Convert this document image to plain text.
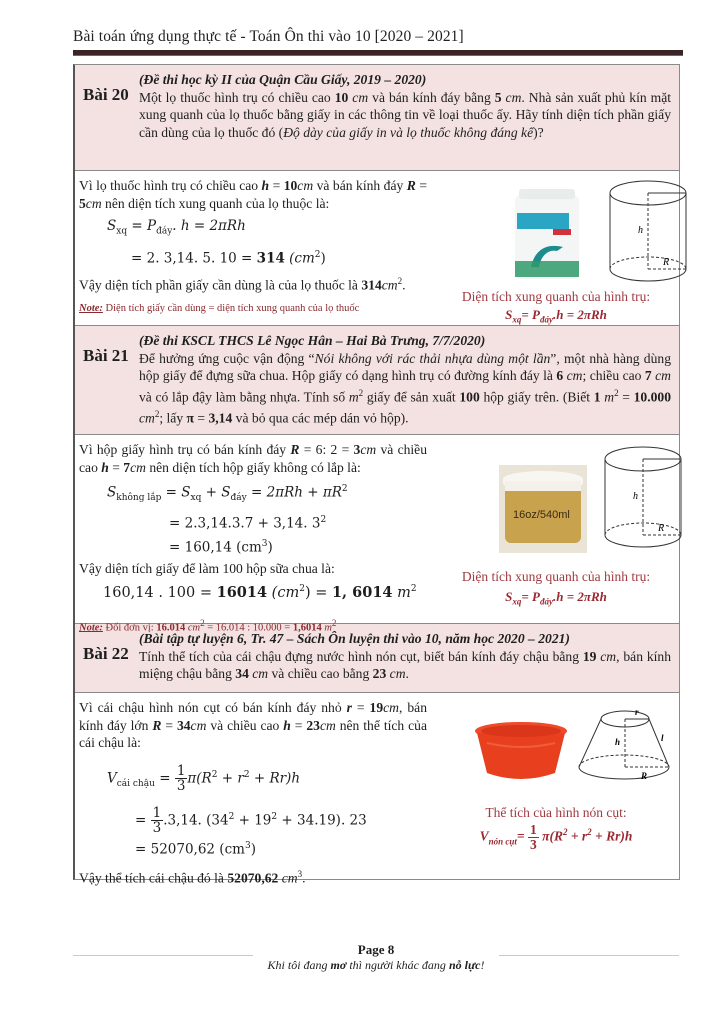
Bài toán ứng dụng thực tế - Toán Ôn thi vào 10 [2020 – 2021]
Bài 20
(Đề thi học kỳ II của Quận Cầu Giấy, 2019 – 2020)
Một lọ thuốc hình trụ có chiều cao 10 cm và bán kính đáy bằng 5 cm. Nhà sản xuất phủ kín mặt xung quanh của lọ thuốc bằng giấy in các thông tin về loại thuốc ấy. Hãy tính diện tích phần giấy cần dùng của lọ thuốc đó (Độ dày của giấy in và lọ thuốc không đáng kể)?
Vì lọ thuốc hình trụ có chiều cao h = 10cm và bán kính đáy R = 5cm nên diện tích xung quanh của lọ thuộc là:
$S_{xq} = P_{đáy}$. h = 2πRh
= 2. 3,14. 5. 10 = 314 $(cm^2)$
Vậy diện tích phần giấy cần dùng là của lọ thuốc là $314cm^2$.
Note: Diện tích giấy cần dùng = diện tích xung quanh của lọ thuốc
h
R
Diện tích xung quanh của hình trụ:
$S_{xq}= P_{đáy}.h = 2\pi Rh$
Bài 21
(Đề thi KSCL THCS Lê Ngọc Hân – Hai Bà Trưng, 7/7/2020)
Để hưởng ứng cuộc vận động “Nói không với rác thải nhựa dùng một lần”, một nhà hàng dùng hộp giấy để đựng sữa chua. Hộp giấy có dạng hình trụ có đường kính đáy là 6 cm; chiều cao 7 cm và có lắp đậy làm bằng nhựa. Tính số $m^2$ giấy để sản xuất 100 hộp giấy trên. (Biết 1 $m^2 = 10.000$ $cm^2$; lấy π = 3,14 và bỏ qua các mép dán vỏ hộp).
Vì hộp giấy hình trụ có bán kính đáy R = 6: 2 = 3cm và chiều cao h = 7cm nên diện tích hộp giấy không có lắp là:
$S_{không lắp} = S_{xq} + S_{đáy} = 2\pi Rh + \pi R^2$
= 2.3,14.3.7 + 3,14. $3^2$
= 160,14 $(cm^3)$
Vậy diện tích giấy để làm 100 hộp sữa chua là:
160,14 . 100 = 16014 $(cm^2) = 1$, 6014 $m^2$
Note: Đổi đơn vị: 16.014 $cm^2 = 16.014$ : 10.000 = 1,6014 $m^2$
16oz/540ml
h
R
Diện tích xung quanh của hình trụ:
$S_{xq}= P_{đáy}.h = 2\pi Rh$
Bài 22
(Bài tập tự luyện 6, Tr. 47 – Sách Ôn luyện thi vào 10, năm học 2020 – 2021)
Tính thể tích của cái chậu đựng nước hình nón cụt, biết bán kính đáy chậu bằng 19 cm, bán kính miệng chậu bằng 34 cm và chiều cao bằng 23 cm.
Vì cái chậu hình nón cụt có bán kính đáy nhỏ r = 19cm, bán kính đáy lớn R = 34cm và chiều cao h = 23cm nên thể tích của cái chậu là:
$V_{cái chậu} = \frac{1}{3} \pi(R^2 + r^2 + Rr)h$
= $\frac{1}{3} .3,14$. $(34^2 + 19^2 + 34.19)$. 23
= 52070,62 $(cm^3)$
Vậy thể tích cái chậu đó là 52070,62 $cm^3$.
r
h	l
R
Thể tích của hình nón cụt:
$V_{nón cụt}= \frac{1}{3} \pi(R^2 + r^2 + Rr)h$
Page 8
Khi tôi đang mơ thì người khác đang nỗ lực!
